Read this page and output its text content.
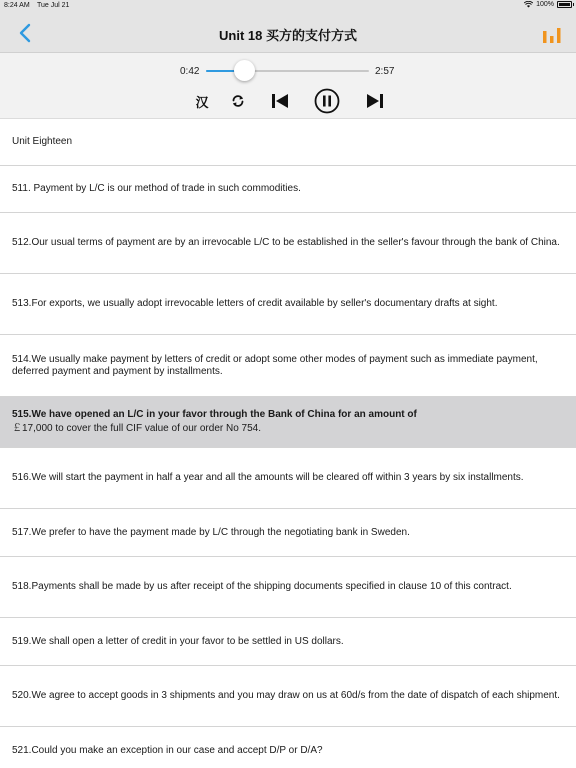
8:24 AM Tue Jul 21	100%
Unit 18 买方的支付方式
0:42	2:57
汉
Unit Eighteen
511. Payment by L/C is our method of trade in such commodities.
512.Our usual terms of payment are by an irrevocable L/C to be established in the seller's favour through the bank of China.
513.For exports, we usually adopt irrevocable letters of credit available by seller's documentary drafts at sight.
514.We usually make payment by letters of credit or adopt some other modes of payment such as immediate payment, deferred payment and payment by installments.
515.We have opened an L/C in your favor through the Bank of China for an amount of
￡17,000 to cover the full CIF value of our order No 754.
516.We will start the payment in half a year and all the amounts will be cleared off within 3 years by six installments.
517.We prefer to have the payment made by L/C through the negotiating bank in Sweden.
518.Payments shall be made by us after receipt of the shipping documents specified in clause 10 of this contract.
519.We shall open a letter of credit in your favor to be settled in US dollars.
520.We agree to accept goods in 3 shipments and you may draw on us at 60d/s from the date of dispatch of each shipment.
521.Could you make an exception in our case and accept D/P or D/A?
